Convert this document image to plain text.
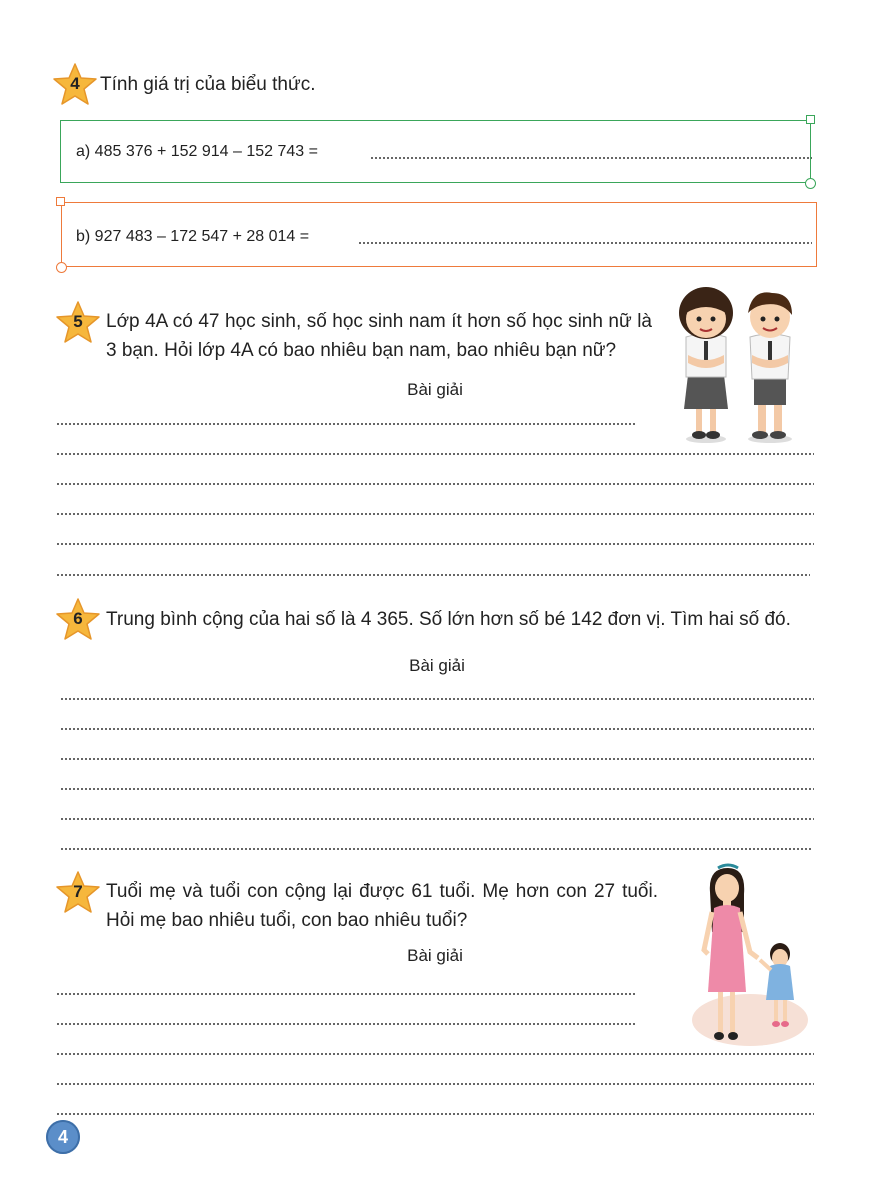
4	Tính giá trị của biểu thức.
a) 485 376 + 152 914 – 152 743 =
b) 927 483 – 172 547 + 28 014 =
5	Lớp 4A có 47 học sinh, số học sinh nam ít hơn số học sinh nữ là 3 bạn. Hỏi lớp 4A có bao nhiêu bạn nam, bao nhiêu bạn nữ?
Bài giải
6	Trung bình cộng của hai số là 4 365. Số lớn hơn số bé 142 đơn vị. Tìm hai số đó.
Bài giải
7	Tuổi mẹ và tuổi con cộng lại được 61 tuổi. Mẹ hơn con 27 tuổi. Hỏi mẹ bao nhiêu tuổi, con bao nhiêu tuổi?
Bài giải
4
